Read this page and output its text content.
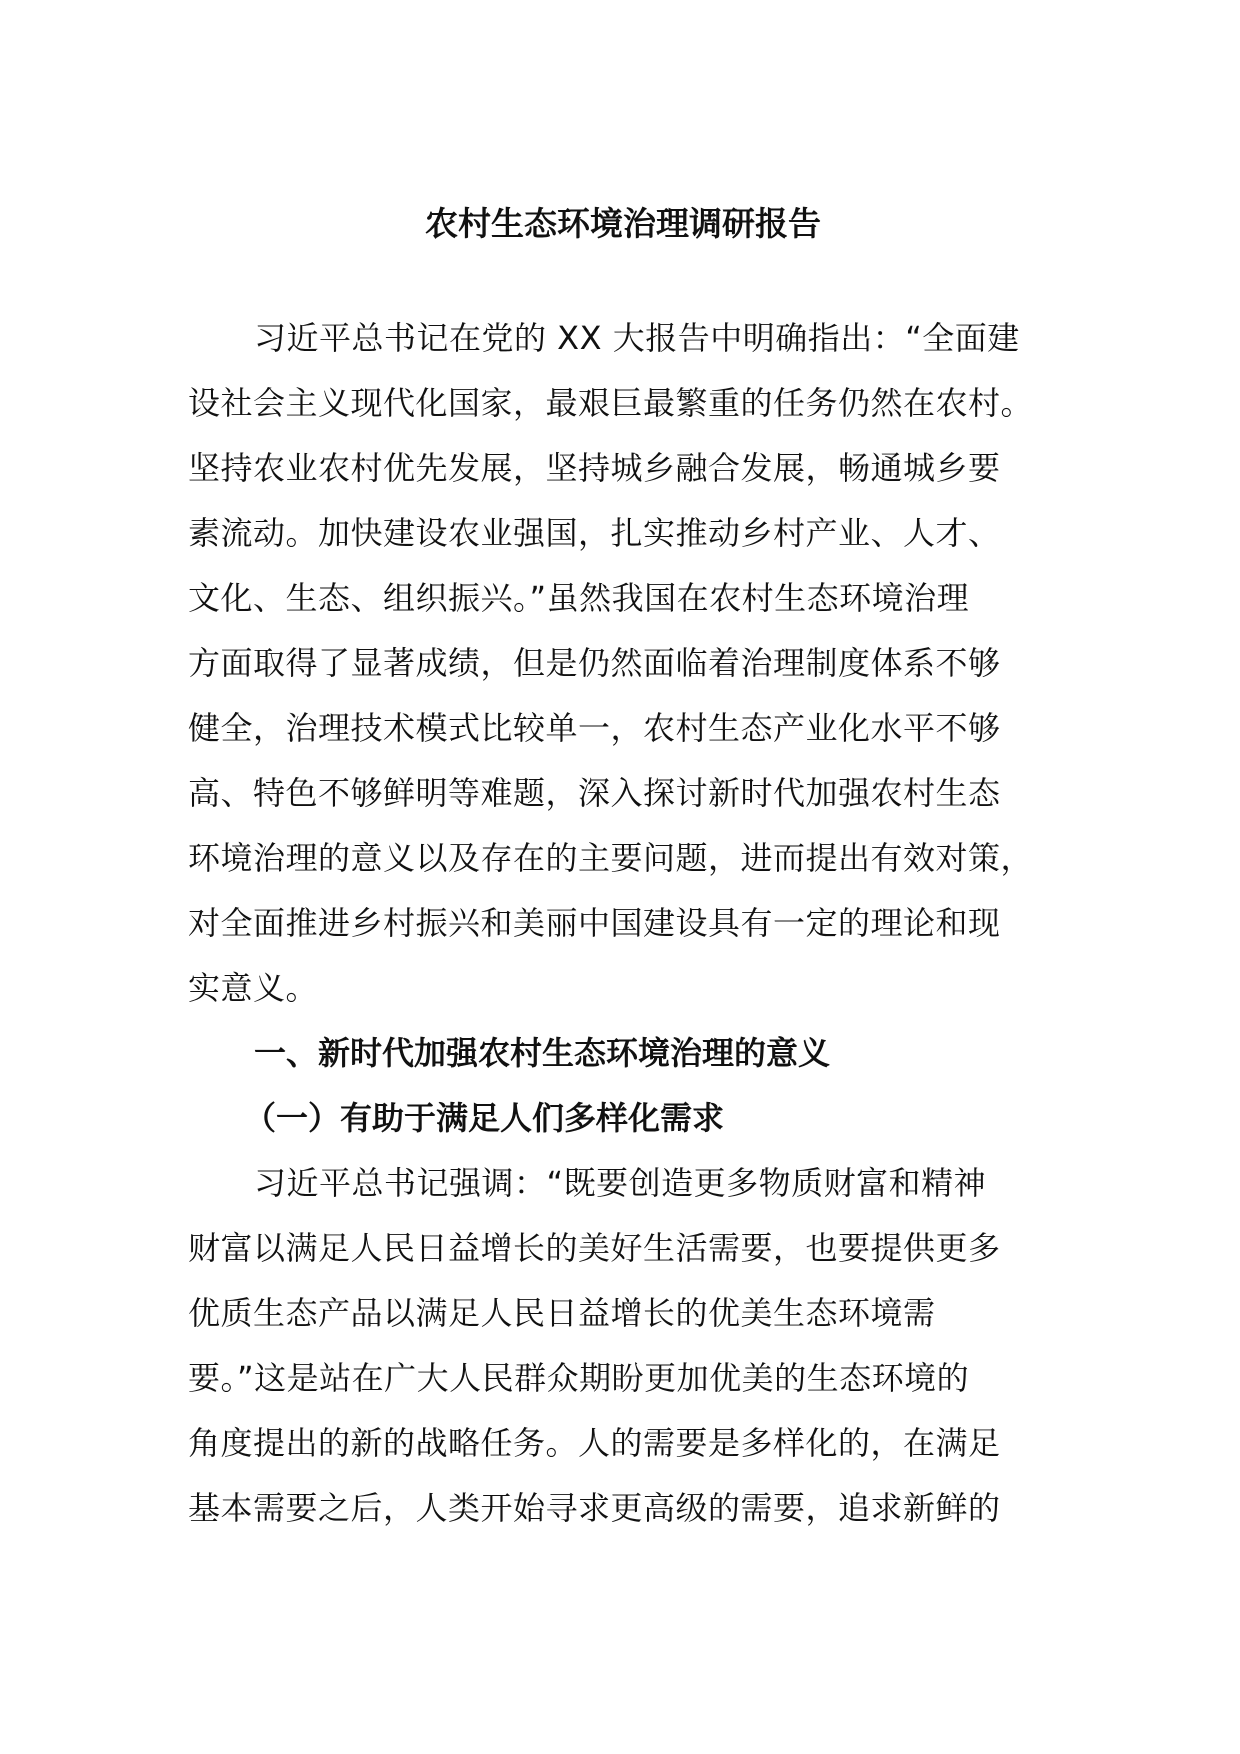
农村生态环境治理调研报告
习近平总书记在党的 XX 大报告中明确指出：“全面建
设社会主义现代化国家，最艰巨最繁重的任务仍然在农村。
坚持农业农村优先发展，坚持城乡融合发展，畅通城乡要
素流动。加快建设农业强国，扎实推动乡村产业、人才、
文化、生态、组织振兴。”虽然我国在农村生态环境治理
方面取得了显著成绩，但是仍然面临着治理制度体系不够
健全，治理技术模式比较单一，农村生态产业化水平不够
高、特色不够鲜明等难题，深入探讨新时代加强农村生态
环境治理的意义以及存在的主要问题，进而提出有效对策，
对全面推进乡村振兴和美丽中国建设具有一定的理论和现
实意义。
一、新时代加强农村生态环境治理的意义
（一）有助于满足人们多样化需求
习近平总书记强调：“既要创造更多物质财富和精神
财富以满足人民日益增长的美好生活需要，也要提供更多
优质生态产品以满足人民日益增长的优美生态环境需
要。”这是站在广大人民群众期盼更加优美的生态环境的
角度提出的新的战略任务。人的需要是多样化的，在满足
基本需要之后，人类开始寻求更高级的需要，追求新鲜的
